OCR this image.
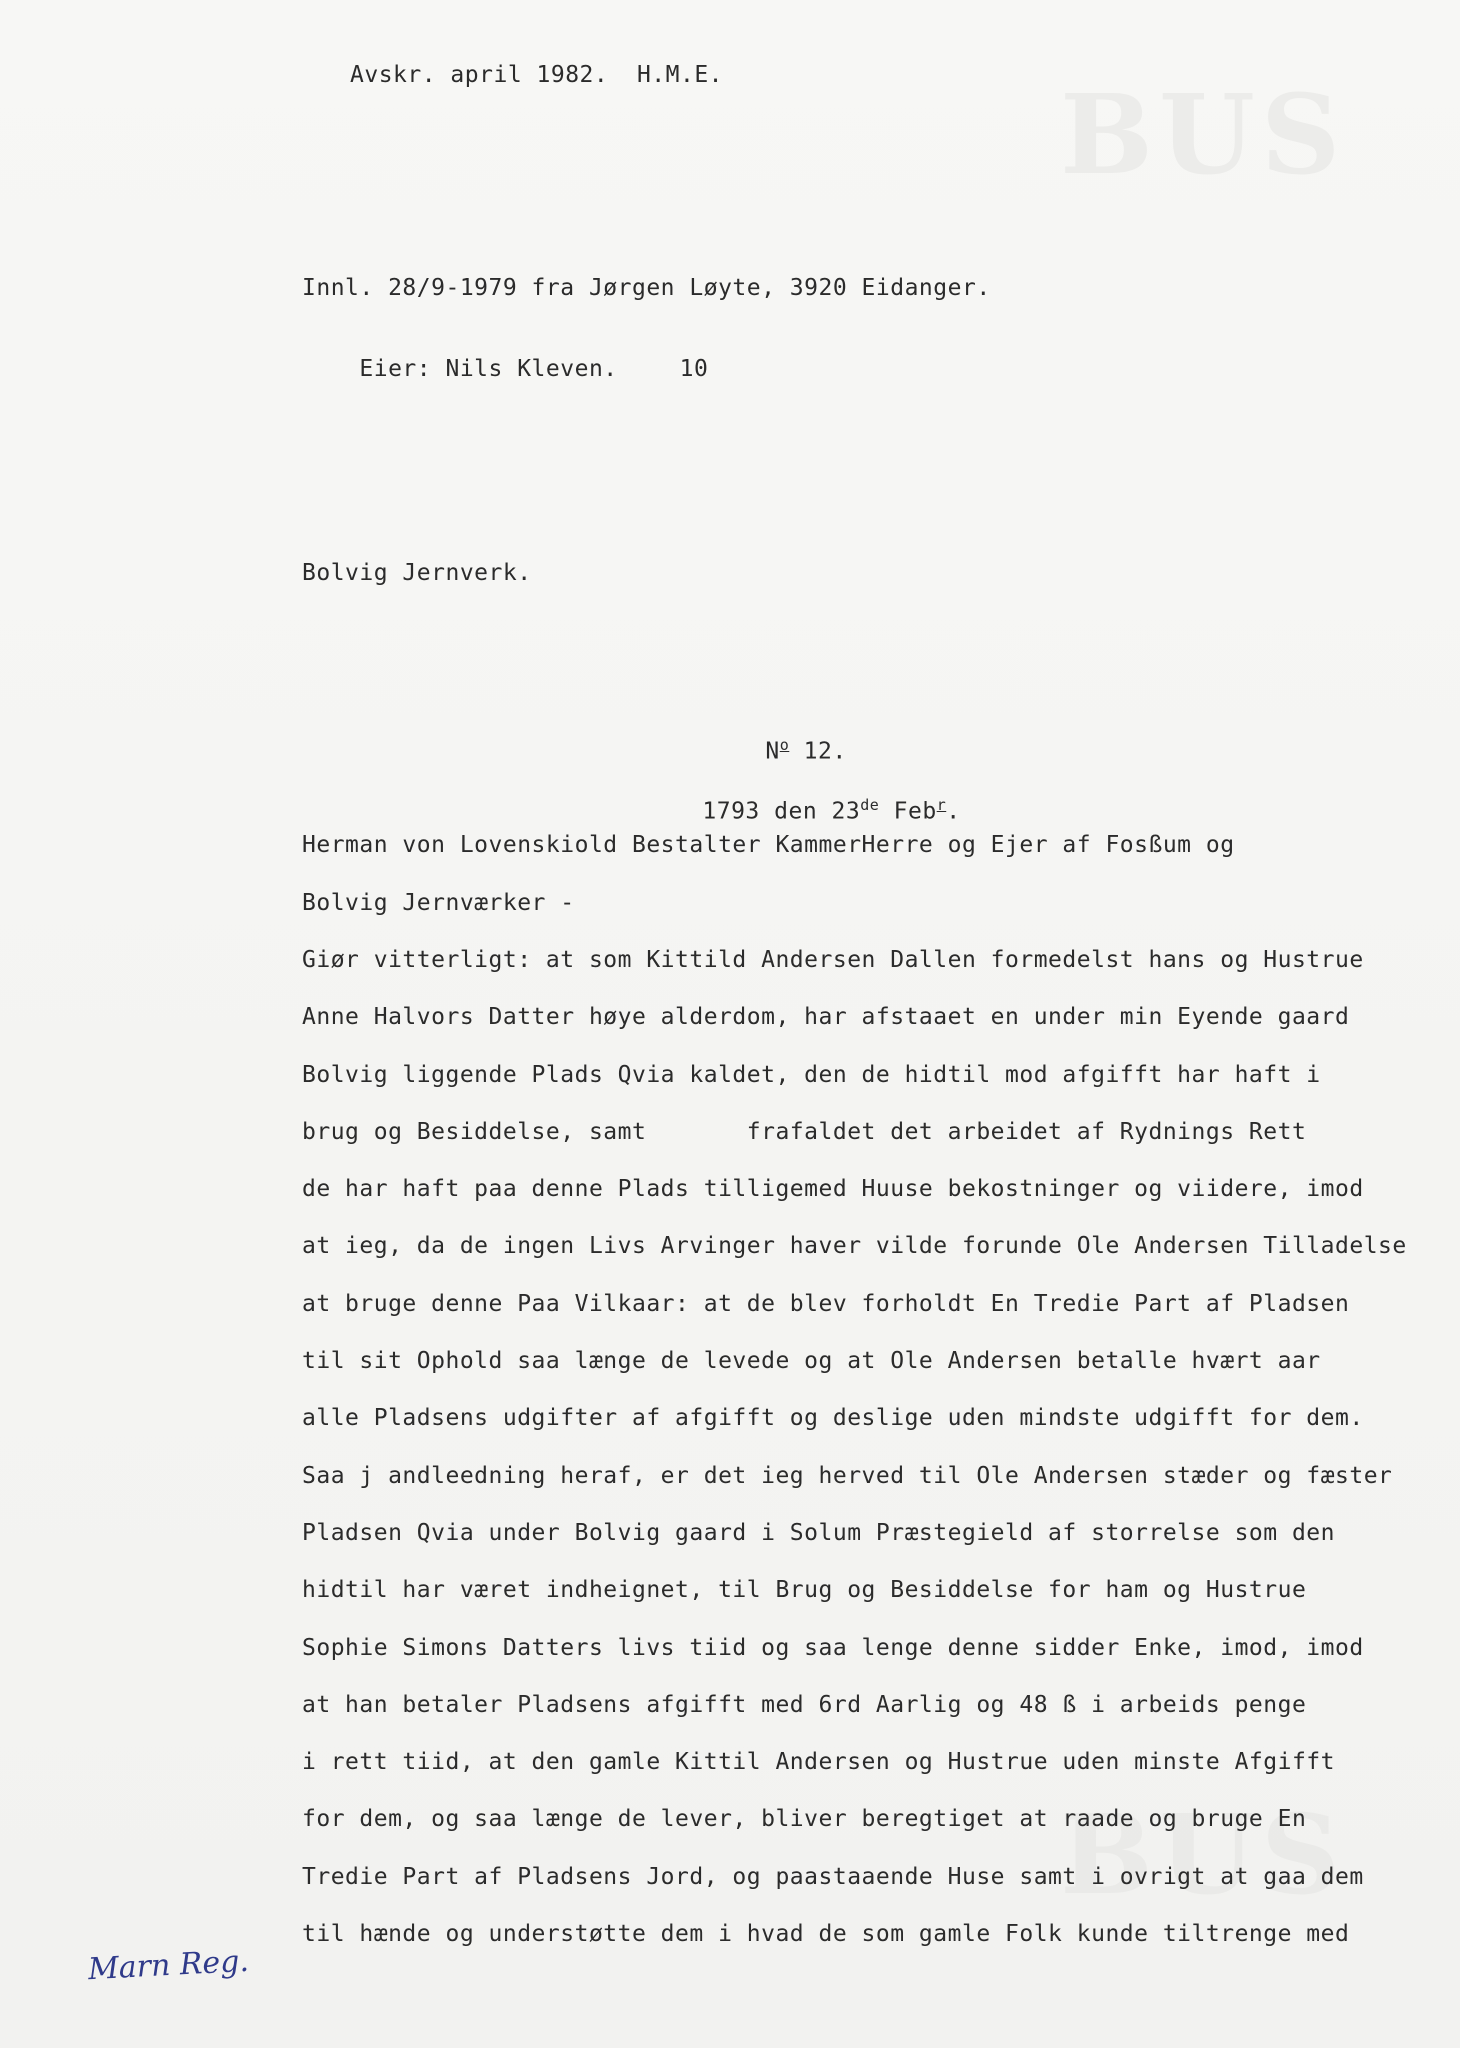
BUS
BUS
Avskr. april 1982.  H.M.E.
Innl. 28/9-1979 fra Jørgen Løyte, 3920 Eidanger.

Eier: Nils Kleven.	10

Bolvig Jernverk.

$N^o$ 12.

1793 den 23de Feb$^r$.

Herman von Lovenskiold Bestalter KammerHerre og Ejer af Fosßum og
Bolvig Jernværker -
Giør vitterligt: at som Kittild Andersen Dallen formedelst hans og Hustrue
Anne Halvors Datter høye alderdom, har afstaaet en under min Eyende gaard
Bolvig liggende Plads Qvia kaldet, den de hidtil mod afgifft har haft i
brug og Besiddelse, samt       frafaldet det arbeidet af Rydnings Rett
de har haft paa denne Plads tilligemed Huuse bekostninger og viidere, imod
at ieg, da de ingen Livs Arvinger haver vilde forunde Ole Andersen Tilladelse
at bruge denne Paa Vilkaar: at de blev forholdt En Tredie Part af Pladsen
til sit Ophold saa længe de levede og at Ole Andersen betalle hvært aar
alle Pladsens udgifter af afgifft og deslige uden mindste udgifft for dem.
Saa j andleedning heraf, er det ieg herved til Ole Andersen stæder og fæster
Pladsen Qvia under Bolvig gaard i Solum Præstegield af storrelse som den
hidtil har været indheignet, til Brug og Besiddelse for ham og Hustrue
Sophie Simons Datters livs tiid og saa lenge denne sidder Enke, imod, imod
at han betaler Pladsens afgifft med 6rd Aarlig og 48 ß i arbeids penge
i rett tiid, at den gamle Kittil Andersen og Hustrue uden minste Afgifft
for dem, og saa længe de lever, bliver beregtiget at raade og bruge En
Tredie Part af Pladsens Jord, og paastaaende Huse samt i ovrigt at gaa dem
til hænde og understøtte dem i hvad de som gamle Folk kunde tiltrenge med
Marn Reg.
